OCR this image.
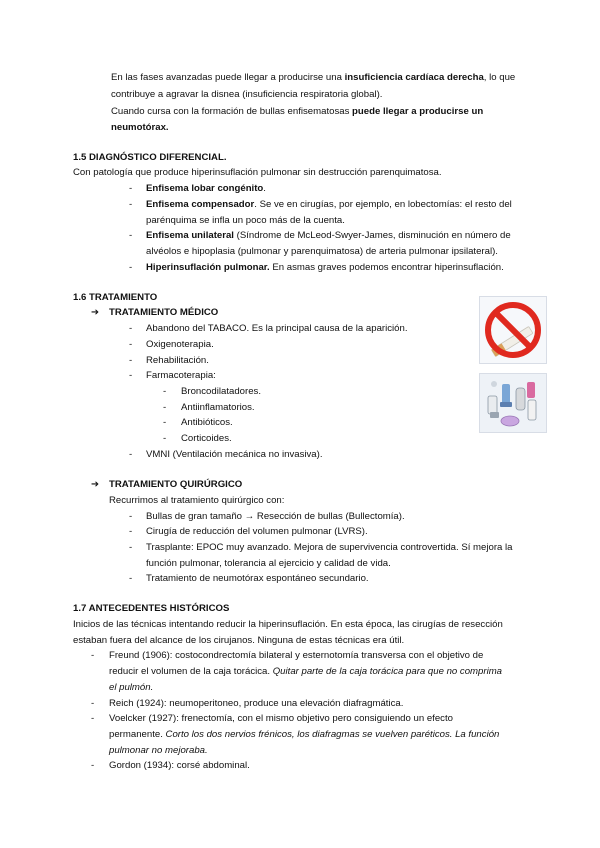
En las fases avanzadas puede llegar a producirse una insuficiencia cardíaca derecha, lo que
contribuye a agravar la disnea (insuficiencia respiratoria global).
Cuando cursa con la formación de bullas enfisematosas puede llegar a producirse un
neumotórax.
1.5 DIAGNÓSTICO DIFERENCIAL.
Con patología que produce hiperinsuflación pulmonar sin destrucción parenquimatosa.
- Enfisema lobar congénito.
- Enfisema compensador. Se ve en cirugías, por ejemplo, en lobectomías: el resto del
parénquima se infla un poco más de la cuenta.
- Enfisema unilateral (Síndrome de McLeod-Swyer-James, disminución en número de
alvéolos e hipoplasia (pulmonar y parenquimatosa) de arteria pulmonar ipsilateral).
- Hiperinsuflación pulmonar. En asmas graves podemos encontrar hiperinsuflación.
1.6 TRATAMIENTO
➔ TRATAMIENTO MÉDICO
- Abandono del TABACO. Es la principal causa de la aparición.
- Oxigenoterapia.
- Rehabilitación.
- Farmacoterapia:
- Broncodilatadores.
- Antiinflamatorios.
- Antibióticos.
- Corticoides.
- VMNI (Ventilación mecánica no invasiva).
➔ TRATAMIENTO QUIRÚRGICO
Recurrimos al tratamiento quirúrgico con:
- Bullas de gran tamaño → Resección de bullas (Bullectomía).
- Cirugía de reducción del volumen pulmonar (LVRS).
- Trasplante: EPOC muy avanzado. Mejora de supervivencia controvertida. Sí mejora la
función pulmonar, tolerancia al ejercicio y calidad de vida.
- Tratamiento de neumotórax espontáneo secundario.
1.7 ANTECEDENTES HISTÓRICOS
Inicios de las técnicas intentando reducir la hiperinsuflación. En esta época, las cirugías de resección
estaban fuera del alcance de los cirujanos. Ninguna de estas técnicas era útil.
- Freund (1906): costocondrectomía bilateral y esternotomía transversa con el objetivo de
reducir el volumen de la caja torácica. Quitar parte de la caja torácica para que no comprima
el pulmón.
- Reich (1924): neumoperitoneo, produce una elevación diafragmática.
- Voelcker (1927): frenectomía, con el mismo objetivo pero consiguiendo un efecto
permanente. Corto los dos nervios frénicos, los diafragmas se vuelven paréticos. La función
pulmonar no mejoraba.
- Gordon (1934): corsé abdominal.
